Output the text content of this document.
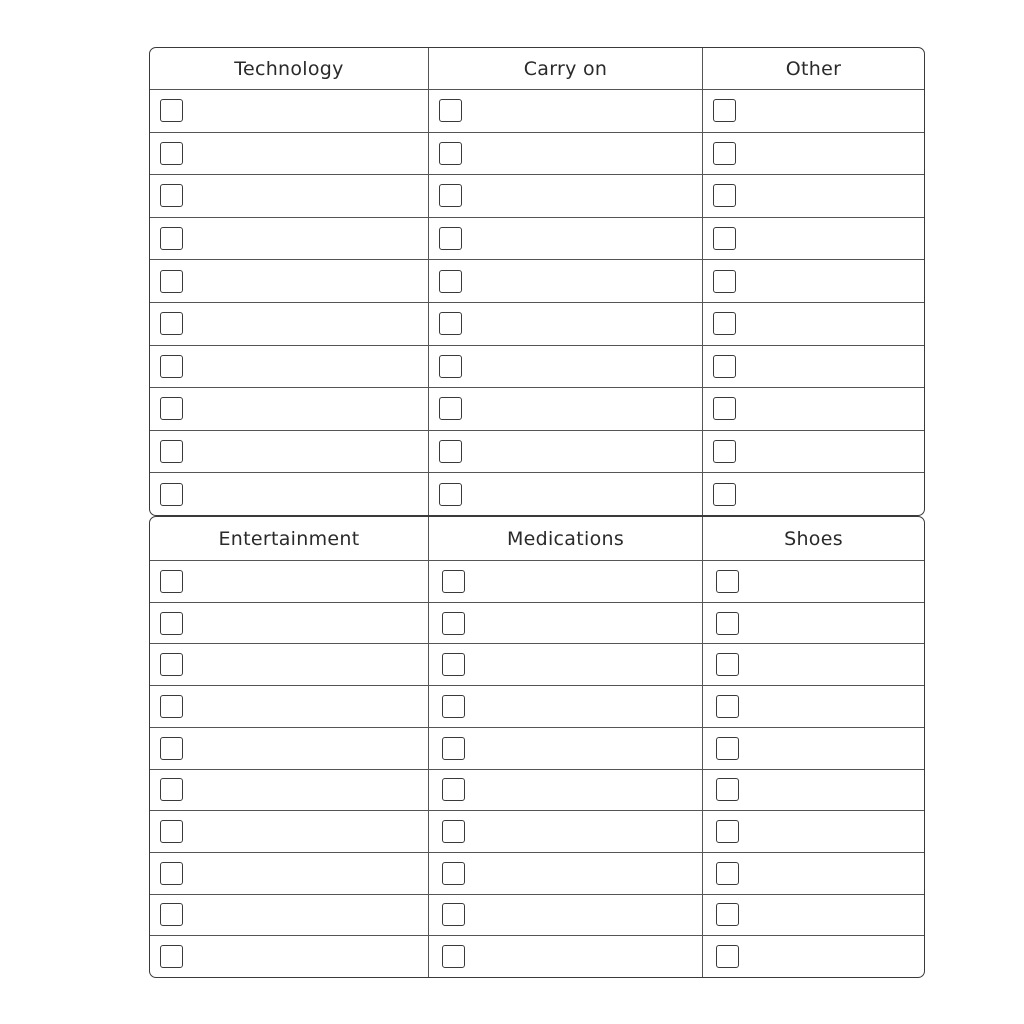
Technology	Carry on	Other
Entertainment	Medications	Shoes
